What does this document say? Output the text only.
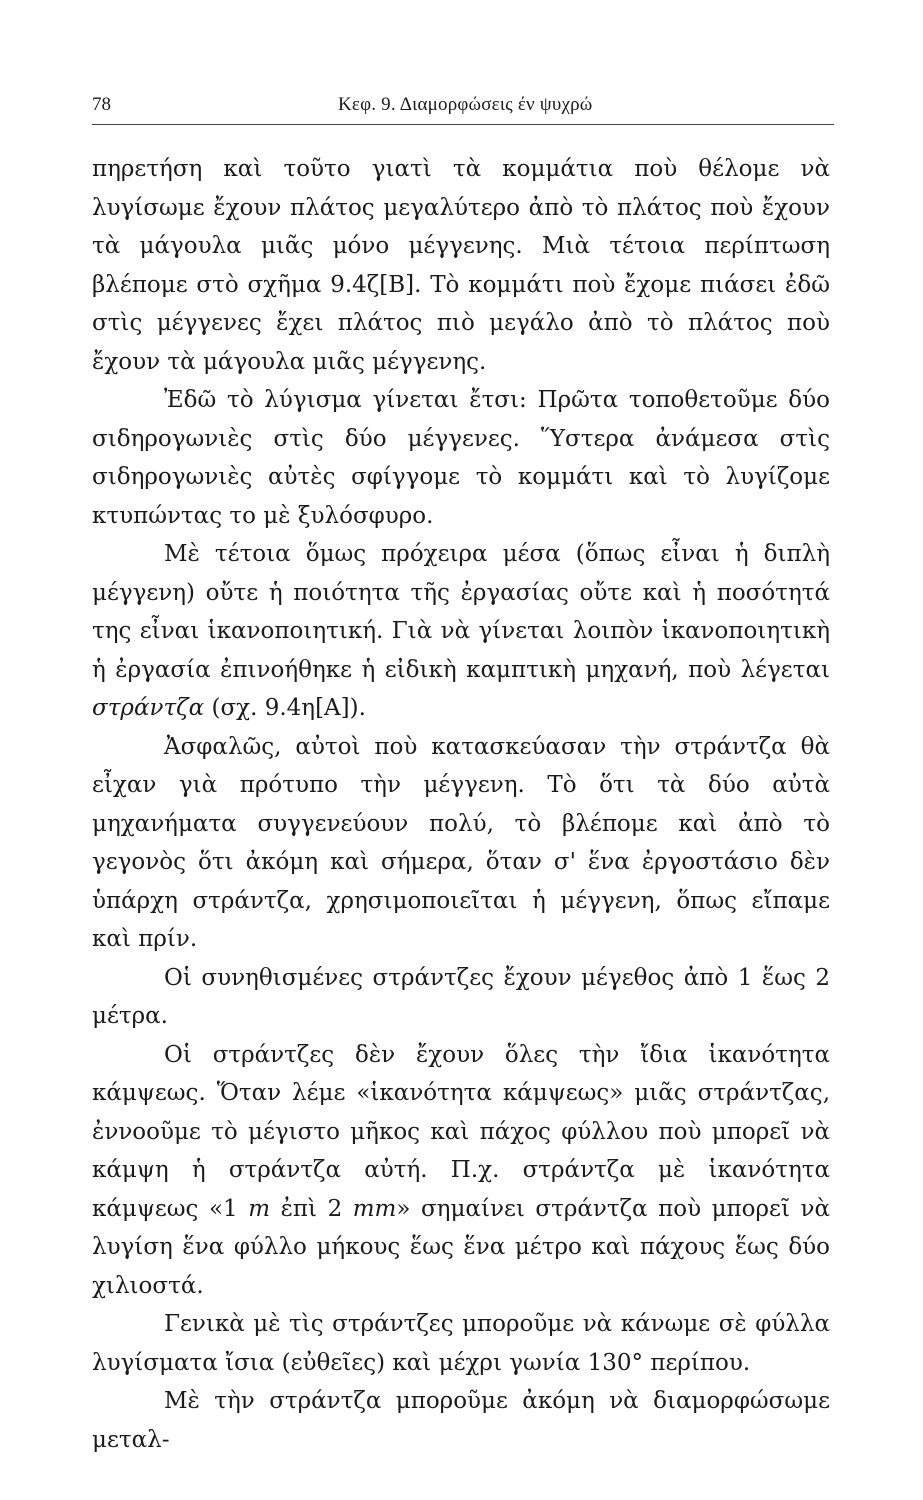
78	Κεφ. 9. Διαμορφώσεις έν ψυχρώ

πηρετήση καὶ τοῦτο γιατὶ τὰ κομμάτια ποὺ θέλομε νὰ λυγίσωμε ἔχουν πλάτος μεγαλύτερο ἀπὸ τὸ πλάτος ποὺ ἔχουν τὰ μάγουλα μιᾶς μόνο μέγγενης. Μιὰ τέτοια περίπτωση βλέπομε στὸ σχῆμα 9.4ζ[Β]. Τὸ κομμάτι ποὺ ἔχομε πιάσει ἐδῶ στὶς μέγγενες ἔχει πλάτος πιὸ μεγάλο ἀπὸ τὸ πλάτος ποὺ ἔχουν τὰ μάγουλα μιᾶς μέγγενης.

Ἐδῶ τὸ λύγισμα γίνεται ἔτσι: Πρῶτα τοποθετοῦμε δύο σιδηρογωνιὲς στὶς δύο μέγγενες. Ὕστερα ἀνάμεσα στὶς σιδηρογωνιὲς αὐτὲς σφίγγομε τὸ κομμάτι καὶ τὸ λυγίζομε κτυπώντας το μὲ ξυλόσφυρο.

Μὲ τέτοια ὅμως πρόχειρα μέσα (ὅπως εἶναι ἡ διπλὴ μέγγενη) οὔτε ἡ ποιότητα τῆς ἐργασίας οὔτε καὶ ἡ ποσότητά της εἶναι ἱκανοποιητική. Γιὰ νὰ γίνεται λοιπὸν ἱκανοποιητικὴ ἡ ἐργασία ἐπινοήθηκε ἡ εἰδικὴ καμπτικὴ μηχανή, ποὺ λέγεται στράντζα (σχ. 9.4η[Α]).

Ἀσφαλῶς, αὐτοὶ ποὺ κατασκεύασαν τὴν στράντζα θὰ εἶχαν γιὰ πρότυπο τὴν μέγγενη. Τὸ ὅτι τὰ δύο αὐτὰ μηχανήματα συγγενεύουν πολύ, τὸ βλέπομε καὶ ἀπὸ τὸ γεγονὸς ὅτι ἀκόμη καὶ σήμερα, ὅταν σ' ἕνα ἐργοστάσιο δὲν ὑπάρχη στράντζα, χρησιμοποιεῖται ἡ μέγγενη, ὅπως εἴπαμε καὶ πρίν.

Οἱ συνηθισμένες στράντζες ἔχουν μέγεθος ἀπὸ 1 ἕως 2 μέτρα.

Οἱ στράντζες δὲν ἔχουν ὅλες τὴν ἴδια ἱκανότητα κάμψεως. Ὅταν λέμε «ἱκανότητα κάμψεως» μιᾶς στράντζας, ἐννοοῦμε τὸ μέγιστο μῆκος καὶ πάχος φύλλου ποὺ μπορεῖ νὰ κάμψη ἡ στράντζα αὐτή. Π.χ. στράντζα μὲ ἱκανότητα κάμψεως «1 m ἐπὶ 2 mm» σημαίνει στράντζα ποὺ μπορεῖ νὰ λυγίση ἕνα φύλλο μήκους ἕως ἕνα μέτρο καὶ πάχους ἕως δύο χιλιοστά.

Γενικὰ μὲ τὶς στράντζες μποροῦμε νὰ κάνωμε σὲ φύλλα λυγίσματα ἴσια (εὐθεῖες) καὶ μέχρι γωνία 130° περίπου.

Μὲ τὴν στράντζα μποροῦμε ἀκόμη νὰ διαμορφώσωμε μεταλ-
